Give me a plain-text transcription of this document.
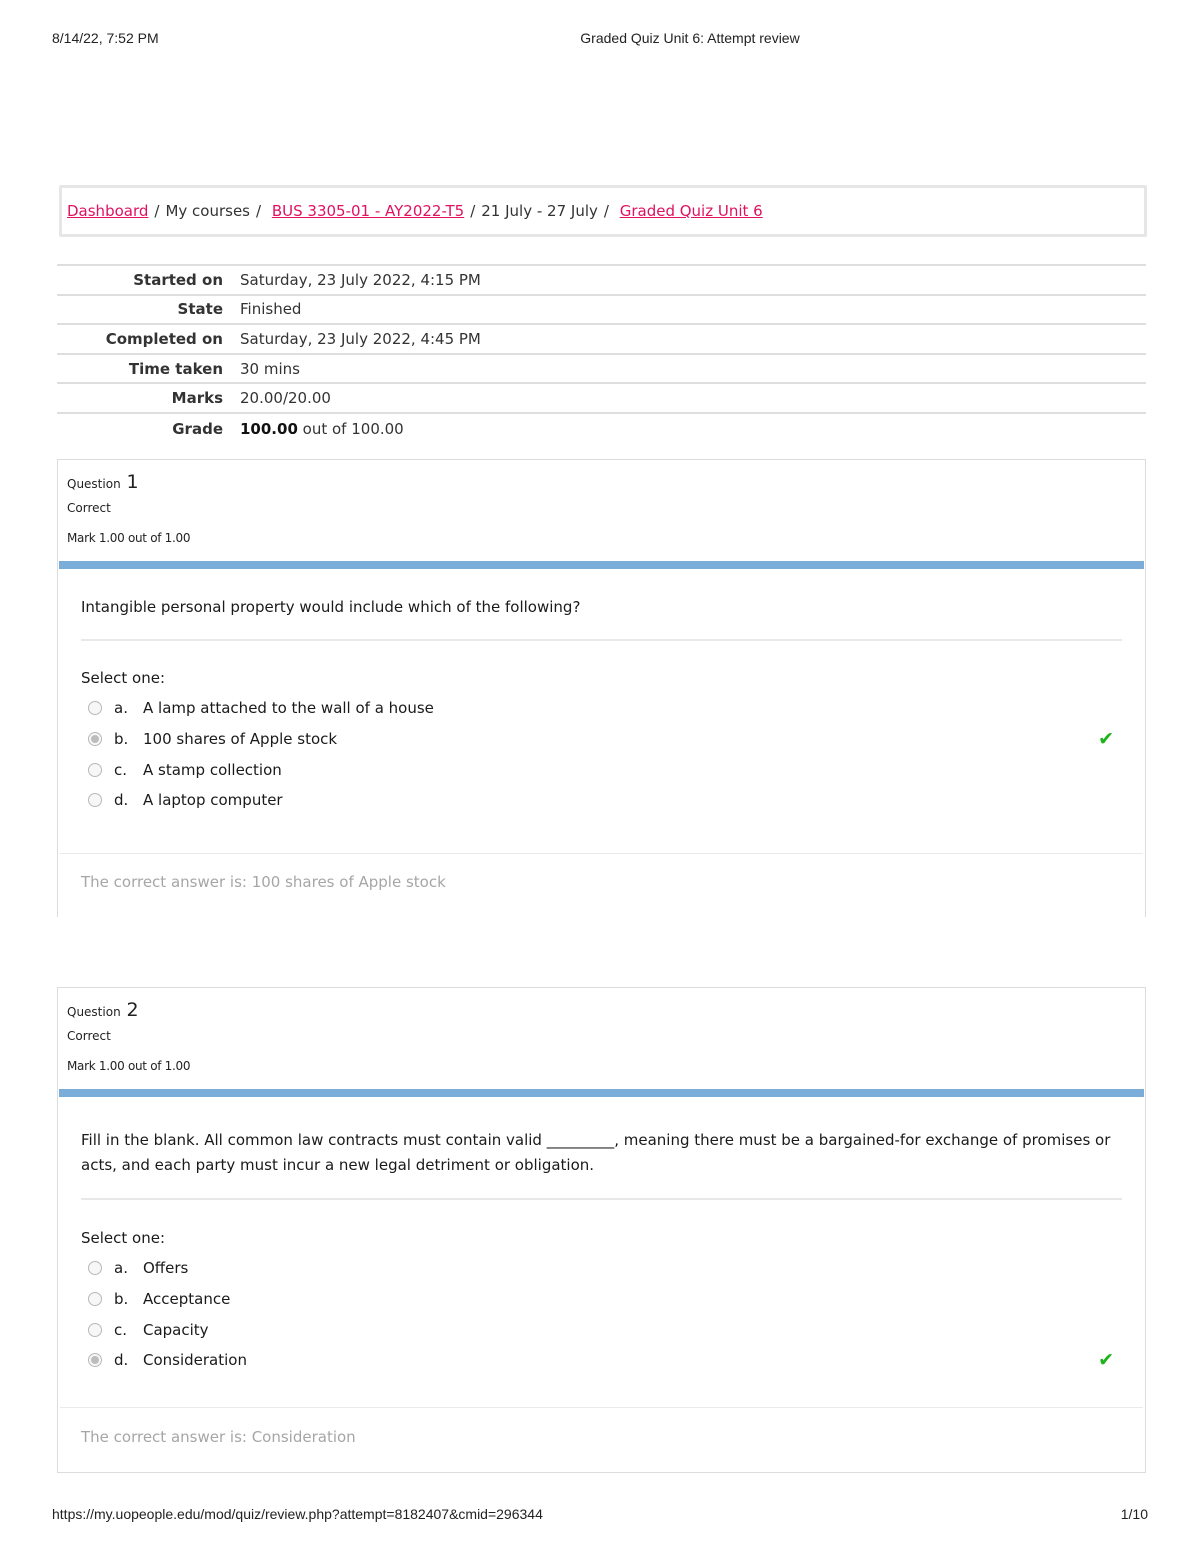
8/14/22, 7:52 PM	Graded Quiz Unit 6: Attempt review
Dashboard / My courses / BUS 3305-01 - AY2022-T5 / 21 July - 27 July / Graded Quiz Unit 6
Started on	Saturday, 23 July 2022, 4:15 PM
State	Finished
Completed on	Saturday, 23 July 2022, 4:45 PM
Time taken	30 mins
Marks	20.00/20.00
Grade	100.00 out of 100.00
Question 1
Correct
Mark 1.00 out of 1.00
Intangible personal property would include which of the following?
Select one:
a.	A lamp attached to the wall of a house
b. 100 shares of Apple stock	✔
c.	A stamp collection
d. A laptop computer
The correct answer is: 100 shares of Apple stock
Question 2
Correct
Mark 1.00 out of 1.00
Fill in the blank. All common law contracts must contain valid _________, meaning there must be a bargained-for exchange of promises or acts, and each party must incur a new legal detriment or obligation.
Select one:
a.	Offers
b. Acceptance
c.	Capacity
d. Consideration	✔
The correct answer is: Consideration
https://my.uopeople.edu/mod/quiz/review.php?attempt=8182407&cmid=296344	1/10
